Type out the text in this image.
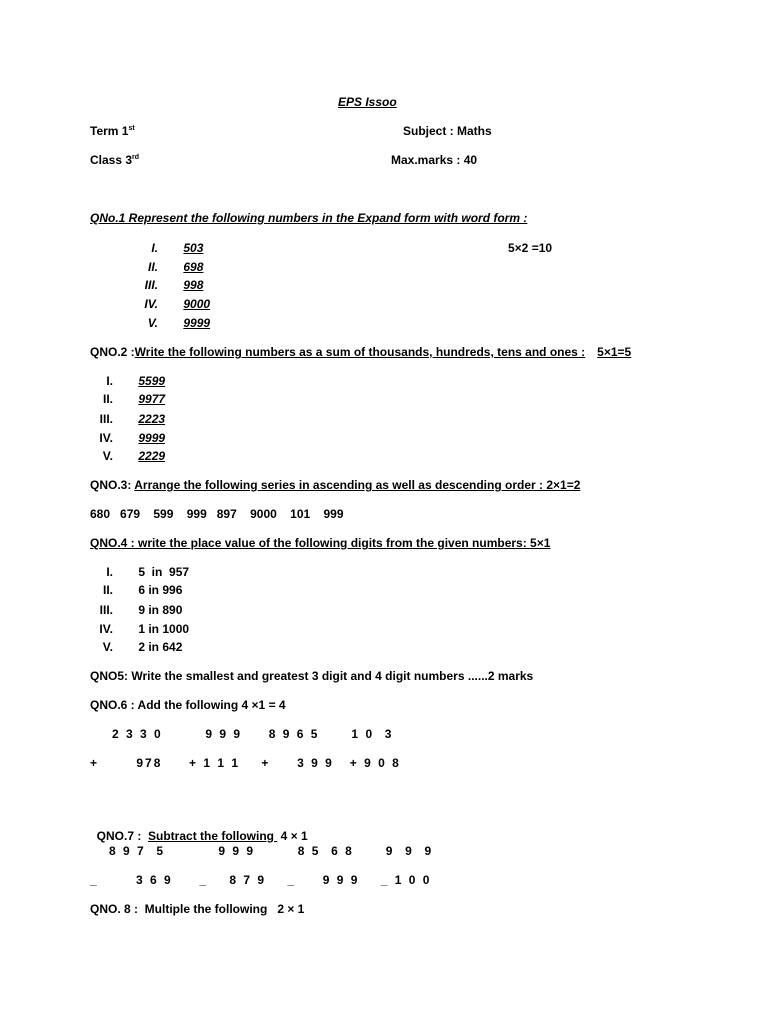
EPS Issoo
Term 1st	Subject : Maths
Class 3rd	Max.marks : 40
QNo.1 Represent the following numbers in the Expand form with word form :
5×2 =10
I. 503
II. 698
III. 998
IV. 9000
V. 9999
QNO.2 :Write the following numbers as a sum of thousands, hundreds, tens and ones : 5×1=5
I. 5599
II. 9977
III. 2223
IV. 9999
V. 2229
QNO.3: Arrange the following series in ascending as well as descending order : 2×1=2
680   679    599    999   897    9000    101    999
QNO.4 : write the place value of the following digits from the given numbers: 5×1
I. 5  in  957
II. 6 in 996
III. 9 in 890
IV. 1 in 1000
V. 2 in 642
QNO5: Write the smallest and greatest 3 digit and 4 digit numbers ......2 marks
QNO.6 : Add the following 4 ×1 = 4
2 3 3 0        9 9 9     8 9 6 5      1 0  3
+       978     + 1 1 1    +     3 9 9   + 9 0 8

QNO.7 :  Subtract the following  4 × 1

8 9 7  5          9 9 9        8 5  6 8      9  9  9
_       3 6 9     _    8 7 9    _     9 9 9    _ 1 0 0
QNO. 8 :  Multiple the following   2 × 1
